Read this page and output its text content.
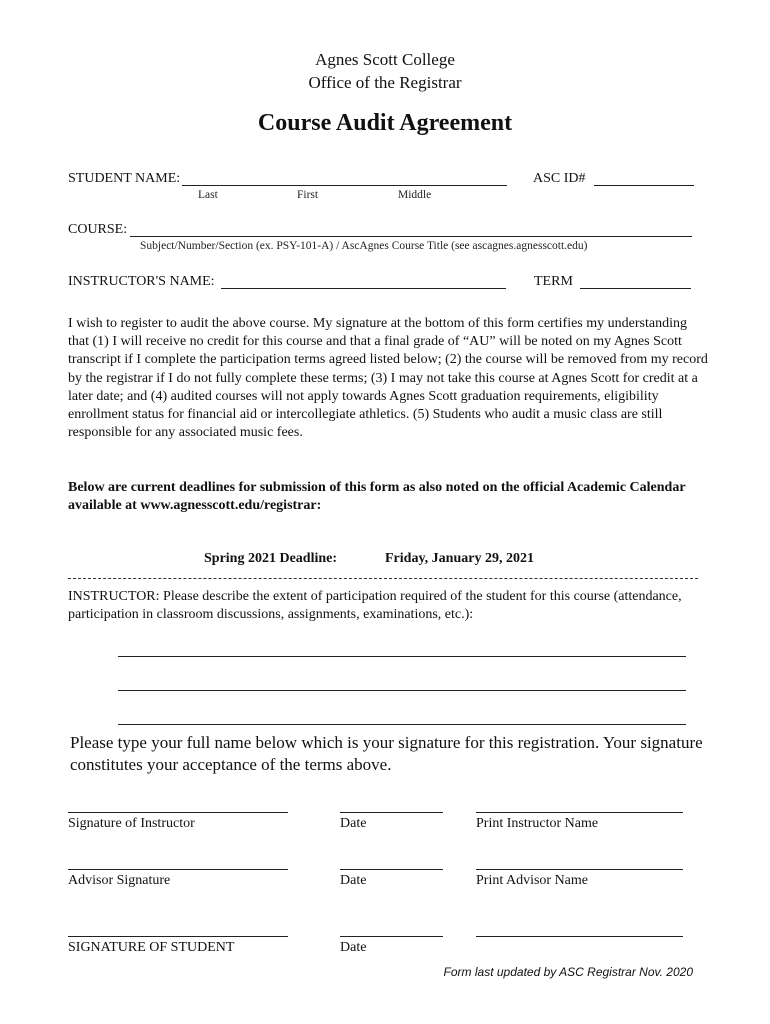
Agnes Scott College
Office of the Registrar
Course Audit Agreement
STUDENT NAME:
Last	First	Middle
ASC ID#
COURSE:
Subject/Number/Section (ex. PSY-101-A) / AscAgnes Course Title (see ascagnes.agnesscott.edu)
INSTRUCTOR'S NAME:	TERM
I wish to register to audit the above course. My signature at the bottom of this form certifies my understanding that (1) I will receive no credit for this course and that a final grade of “AU” will be noted on my Agnes Scott transcript if I complete the participation terms agreed listed below; (2) the course will be removed from my record by the registrar if I do not fully complete these terms; (3) I may not take this course at Agnes Scott for credit at a later date; and (4) audited courses will not apply towards Agnes Scott graduation requirements, eligibility enrollment status for financial aid or intercollegiate athletics. (5) Students who audit a music class are still responsible for any associated music fees.
Below are current deadlines for submission of this form as also noted on the official Academic Calendar available at www.agnesscott.edu/registrar:
Spring 2021 Deadline:	Friday, January 29, 2021
INSTRUCTOR: Please describe the extent of participation required of the student for this course (attendance, participation in classroom discussions, assignments, examinations, etc.):
Please type your full name below which is your signature for this registration. Your signature constitutes your acceptance of the terms above.
Signature of Instructor	Date	Print Instructor Name
Advisor Signature	Date	Print Advisor Name
SIGNATURE OF STUDENT	Date
Form last updated by ASC Registrar Nov. 2020
